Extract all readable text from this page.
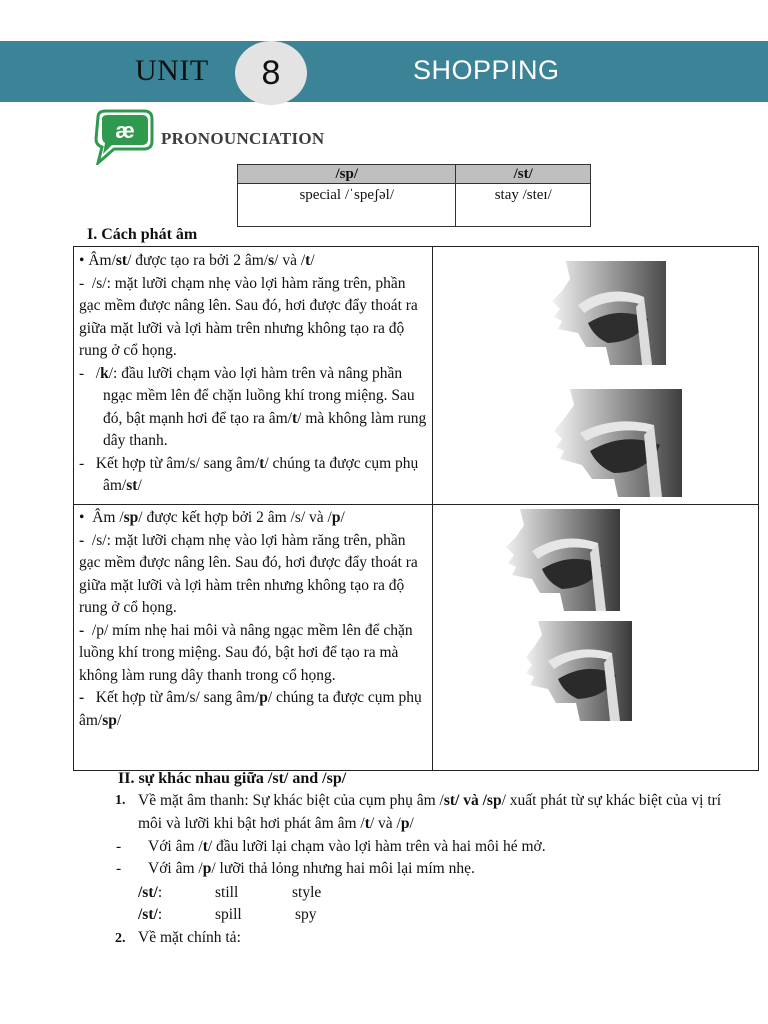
UNIT 8	SHOPPING
æ PRONOUNCIATION
/sp/	/st/
special /ˈspeʃəl/	stay /steɪ/
I. Cách phát âm

• Âm/st/ được tạo ra bởi 2 âm/s/ và /t/

-  /s/: mặt lưỡi chạm nhẹ vào lợi hàm răng trên, phần gạc mềm được nâng lên. Sau đó, hơi được đẩy thoát ra giữa mặt lưỡi và lợi hàm trên nhưng không tạo ra độ rung ở cổ họng.

-   /k/: đầu lưỡi chạm vào lợi hàm trên và nâng phần ngạc mềm lên để chặn luồng khí trong miệng. Sau đó, bật mạnh hơi để tạo ra âm/t/ mà không làm rung dây thanh.

-   Kết hợp từ âm/s/ sang âm/t/ chúng ta được cụm phụ âm/st/

•  Âm /sp/ được kết hợp bởi 2 âm /s/ và /p/

- /s/: mặt lưỡi chạm nhẹ vào lợi hàm răng trên, phần gạc mềm được nâng lên. Sau đó, hơi được đẩy thoát ra giữa mặt lưỡi và lợi hàm trên nhưng không tạo ra độ rung ở cổ họng.

- /p/ mím nhẹ hai môi và nâng ngạc mềm lên để chặn luồng khí trong miệng. Sau đó, bật hơi để tạo ra mà không làm rung dây thanh trong cổ họng.

- Kết hợp từ âm/s/ sang âm/p/ chúng ta được cụm phụ âm/sp/

II. sự khác nhau giữa /st/ and /sp/
1. Về mặt âm thanh: Sự khác biệt của cụm phụ âm /st/ và /sp/ xuất phát từ sự khác biệt của vị trí môi và lưỡi khi bật hơi phát âm âm /t/ và /p/
- Với âm /t/ đầu lưỡi lại chạm vào lợi hàm trên và hai môi hé mở.
- Với âm /p/ lưỡi thả lỏng nhưng hai môi lại mím nhẹ.
/st/:	still	style
/st/:	spill	spy
2. Về mặt chính tả:
